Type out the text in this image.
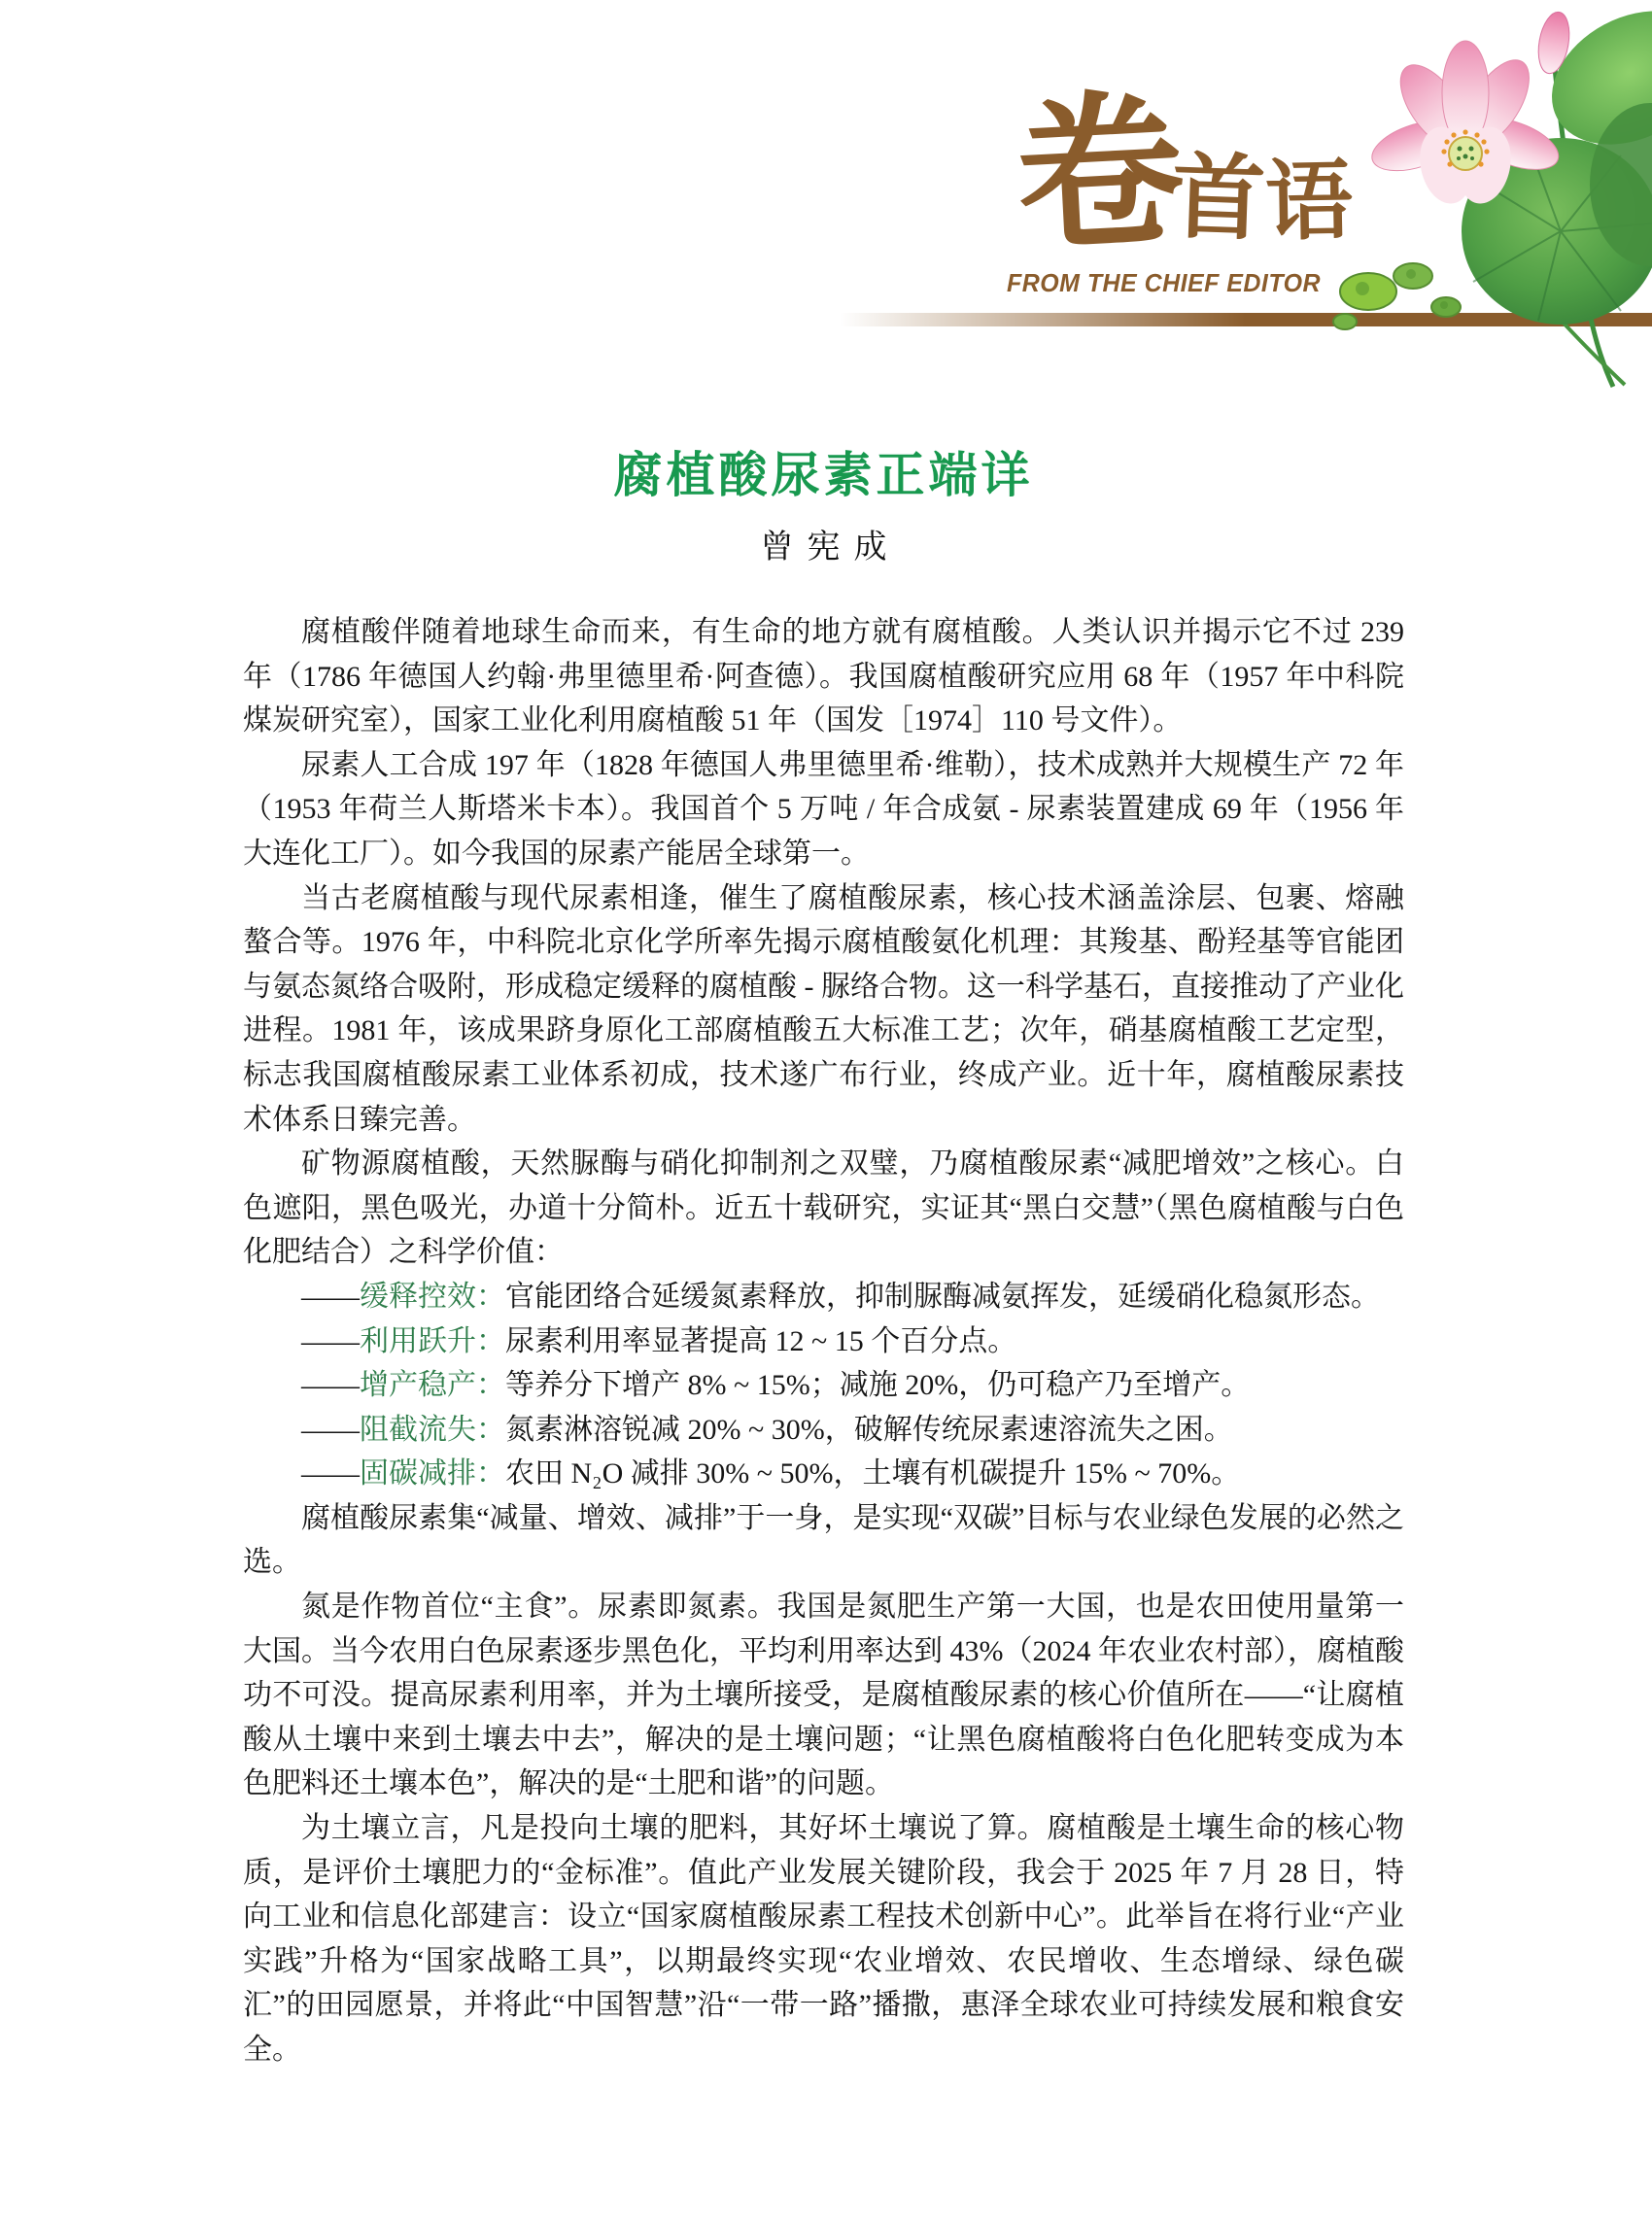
卷
首
语
FROM THE CHIEF EDITOR
腐植酸尿素正端详
曾宪成

腐植酸伴随着地球生命而来，有生命的地方就有腐植酸。人类认识并揭示它不过 239 年（1786 年德国人约翰·弗里德里希·阿查德）。我国腐植酸研究应用 68 年（1957 年中科院煤炭研究室），国家工业化利用腐植酸 51 年（国发［1974］110 号文件）。

尿素人工合成 197 年（1828 年德国人弗里德里希·维勒），技术成熟并大规模生产 72 年（1953 年荷兰人斯塔米卡本）。我国首个 5 万吨 / 年合成氨 - 尿素装置建成 69 年（1956 年大连化工厂）。如今我国的尿素产能居全球第一。

当古老腐植酸与现代尿素相逢，催生了腐植酸尿素，核心技术涵盖涂层、包裹、熔融螯合等。1976 年，中科院北京化学所率先揭示腐植酸氨化机理：其羧基、酚羟基等官能团与氨态氮络合吸附，形成稳定缓释的腐植酸 - 脲络合物。这一科学基石，直接推动了产业化进程。1981 年，该成果跻身原化工部腐植酸五大标准工艺；次年，硝基腐植酸工艺定型，标志我国腐植酸尿素工业体系初成，技术遂广布行业，终成产业。近十年，腐植酸尿素技术体系日臻完善。

矿物源腐植酸，天然脲酶与硝化抑制剂之双璧，乃腐植酸尿素“减肥增效”之核心。白色遮阳，黑色吸光，办道十分简朴。近五十载研究，实证其“黑白交慧”（黑色腐植酸与白色化肥结合）之科学价值：

——缓释控效：官能团络合延缓氮素释放，抑制脲酶减氨挥发，延缓硝化稳氮形态。

——利用跃升：尿素利用率显著提高 12 ~ 15 个百分点。

——增产稳产：等养分下增产 8% ~ 15%；减施 20%，仍可稳产乃至增产。

——阻截流失：氮素淋溶锐减 20% ~ 30%，破解传统尿素速溶流失之困。

——固碳减排：农田 N₂O 减排 30% ~ 50%，土壤有机碳提升 15% ~ 70%。

腐植酸尿素集“减量、增效、减排”于一身，是实现“双碳”目标与农业绿色发展的必然之选。

氮是作物首位“主食”。尿素即氮素。我国是氮肥生产第一大国，也是农田使用量第一大国。当今农用白色尿素逐步黑色化，平均利用率达到 43%（2024 年农业农村部），腐植酸功不可没。提高尿素利用率，并为土壤所接受，是腐植酸尿素的核心价值所在——“让腐植酸从土壤中来到土壤去中去”，解决的是土壤问题；“让黑色腐植酸将白色化肥转变成为本色肥料还土壤本色”，解决的是“土肥和谐”的问题。

为土壤立言，凡是投向土壤的肥料，其好坏土壤说了算。腐植酸是土壤生命的核心物质，是评价土壤肥力的“金标准”。值此产业发展关键阶段，我会于 2025 年 7 月 28 日，特向工业和信息化部建言：设立“国家腐植酸尿素工程技术创新中心”。此举旨在将行业“产业实践”升格为“国家战略工具”，以期最终实现“农业增效、农民增收、生态增绿、绿色碳汇”的田园愿景，并将此“中国智慧”沿“一带一路”播撒，惠泽全球农业可持续发展和粮食安全。
